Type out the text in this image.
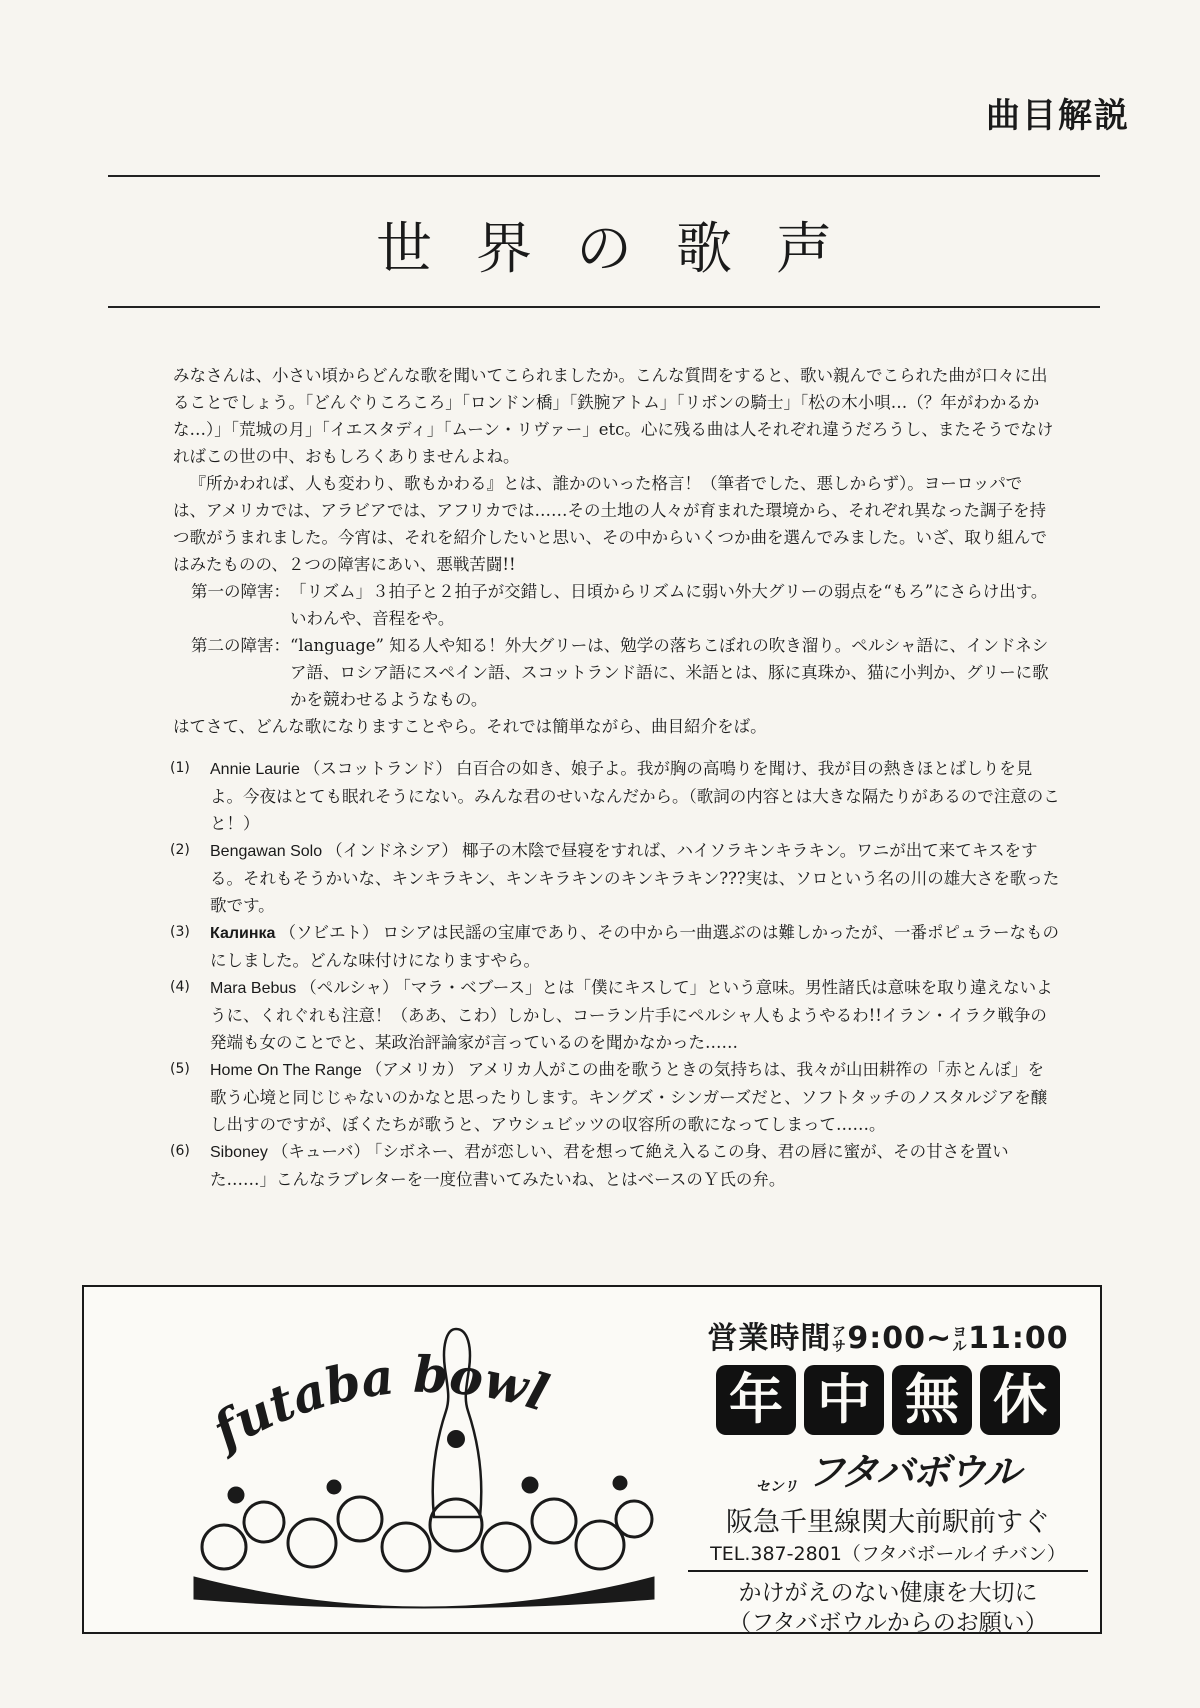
曲目解説
世界の歌声

みなさんは、小さい頃からどんな歌を聞いてこられましたか。こんな質問をすると、歌い親んでこられた曲が口々に出ることでしょう。「どんぐりころころ」「ロンドン橋」「鉄腕アトム」「リボンの騎士」「松の木小唄…（？年がわかるかな…）」「荒城の月」「イエスタディ」「ムーン・リヴァー」etc。心に残る曲は人それぞれ違うだろうし、またそうでなければこの世の中、おもしろくありませんよね。

『所かわれば、人も変わり、歌もかわる』とは、誰かのいった格言！（筆者でした、悪しからず）。ヨーロッパでは、アメリカでは、アラビアでは、アフリカでは……その土地の人々が育まれた環境から、それぞれ異なった調子を持つ歌がうまれました。今宵は、それを紹介したいと思い、その中からいくつか曲を選んでみました。いざ、取り組んではみたものの、２つの障害にあい、悪戦苦闘!!

第一の障害： 「リズム」３拍子と２拍子が交錯し、日頃からリズムに弱い外大グリーの弱点を“もろ”にさらけ出す。いわんや、音程をや。
第二の障害： “language” 知る人や知る！外大グリーは、勉学の落ちこぼれの吹き溜り。ペルシャ語に、インドネシア語、ロシア語にスペイン語、スコットランド語に、米語とは、豚に真珠か、猫に小判か、グリーに歌かを競わせるようなもの。

はてさて、どんな歌になりますことやら。それでは簡単ながら、曲目紹介をば。

(1)	Annie Laurie （スコットランド） 白百合の如き、娘子よ。我が胸の高鳴りを聞け、我が目の熱きほとばしりを見よ。今夜はとても眠れそうにない。みんな君のせいなんだから。（歌詞の内容とは大きな隔たりがあるので注意のこと！）
(2)	Bengawan Solo （インドネシア） 椰子の木陰で昼寝をすれば、ハイソラキンキラキン。ワニが出て来てキスをする。それもそうかいな、キンキラキン、キンキラキンのキンキラキン???実は、ソロという名の川の雄大さを歌った歌です。
(3)	Калинка （ソビエト） ロシアは民謡の宝庫であり、その中から一曲選ぶのは難しかったが、一番ポピュラーなものにしました。どんな味付けになりますやら。
(4)	Mara Bebus （ペルシャ） 「マラ・ベブース」とは「僕にキスして」という意味。男性諸氏は意味を取り違えないように、くれぐれも注意！（ああ、こわ）しかし、コーラン片手にペルシャ人もようやるわ!!イラン・イラク戦争の発端も女のことでと、某政治評論家が言っているのを聞かなかった……
(5)	Home On The Range （アメリカ） アメリカ人がこの曲を歌うときの気持ちは、我々が山田耕筰の「赤とんぼ」を歌う心境と同じじゃないのかなと思ったりします。キングズ・シンガーズだと、ソフトタッチのノスタルジアを醸し出すのですが、ぼくたちが歌うと、アウシュビッツの収容所の歌になってしまって……。
(6)	Siboney （キューバ） 「シボネー、君が恋しい、君を想って絶え入るこの身、君の唇に蜜が、その甘さを置いた……」こんなラブレターを一度位書いてみたいね、とはベースのＹ氏の弁。
futaba bowl
営業時間アサ9:00~ヨル11:00
年 中 無 休
センリ フタバボウル
阪急千里線関大前駅前すぐ
TEL.387-2801（フタバボールイチバン）
かけがえのない健康を大切に
（フタバボウルからのお願い）
